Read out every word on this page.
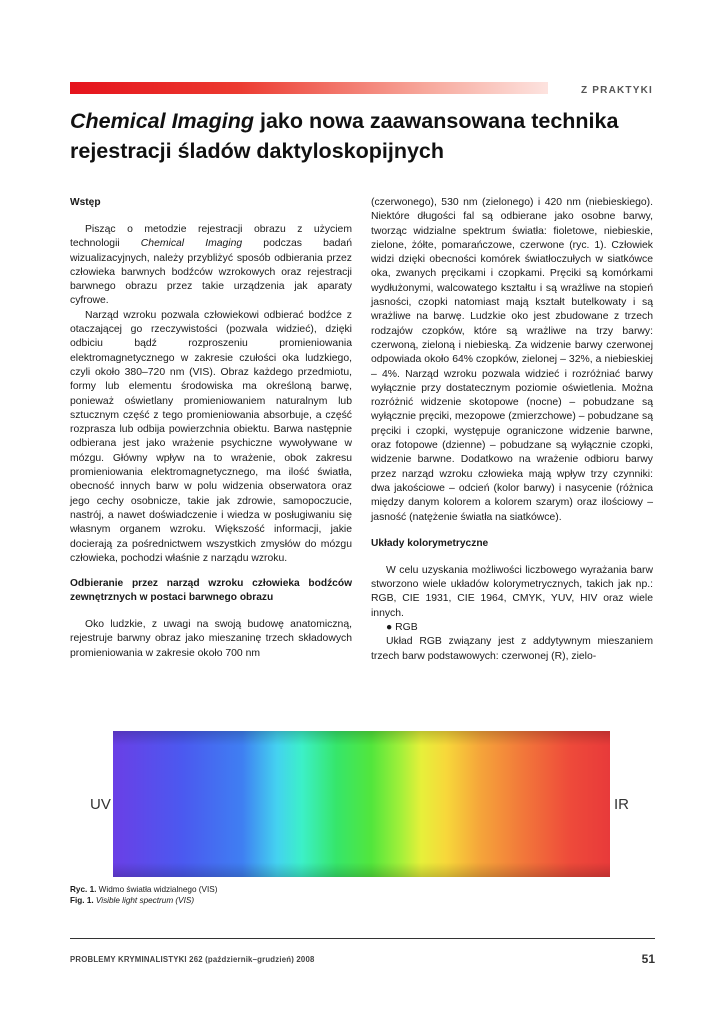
Z PRAKTYKI
Chemical Imaging jako nowa zaawansowana technika rejestracji śladów daktyloskopijnych
Wstęp

Pisząc o metodzie rejestracji obrazu z użyciem technologii Chemical Imaging podczas badań wizualizacyjnych, należy przybliżyć sposób odbierania przez człowieka barwnych bodźców wzrokowych oraz rejestracji barwnego obrazu przez takie urządzenia jak aparaty cyfrowe.

Narząd wzroku pozwala człowiekowi odbierać bodźce z otaczającej go rzeczywistości (pozwala widzieć), dzięki odbiciu bądź rozproszeniu promieniowania elektromagnetycznego w zakresie czułości oka ludzkiego, czyli około 380–720 nm (VIS). Obraz każdego przedmiotu, formy lub elementu środowiska ma określoną barwę, ponieważ oświetlany promieniowaniem naturalnym lub sztucznym część z tego promieniowania absorbuje, a część rozprasza lub odbija powierzchnia obiektu. Barwa następnie odbierana jest jako wrażenie psychiczne wywoływane w mózgu. Główny wpływ na to wrażenie, obok zakresu promieniowania elektromagnetycznego, ma ilość światła, obecność innych barw w polu widzenia obserwatora oraz jego cechy osobnicze, takie jak zdrowie, samopoczucie, nastrój, a nawet doświadczenie i wiedza w posługiwaniu się własnym organem wzroku. Większość informacji, jakie docierają za pośrednictwem wszystkich zmysłów do mózgu człowieka, pochodzi właśnie z narządu wzroku.

Odbieranie przez narząd wzroku człowieka bodźców zewnętrznych w postaci barwnego obrazu

Oko ludzkie, z uwagi na swoją budowę anatomiczną, rejestruje barwny obraz jako mieszaninę trzech składowych promieniowania w zakresie około 700 nm

(czerwonego), 530 nm (zielonego) i 420 nm (niebieskiego). Niektóre długości fal są odbierane jako osobne barwy, tworząc widzialne spektrum światła: fioletowe, niebieskie, zielone, żółte, pomarańczowe, czerwone (ryc. 1). Człowiek widzi dzięki obecności komórek światłoczułych w siatkówce oka, zwanych pręcikami i czopkami. Pręciki są komórkami wydłużonymi, walcowatego kształtu i są wrażliwe na stopień jasności, czopki natomiast mają kształt butelkowaty i są wrażliwe na barwę. Ludzkie oko jest zbudowane z trzech rodzajów czopków, które są wrażliwe na trzy barwy: czerwoną, zieloną i niebieską. Za widzenie barwy czerwonej odpowiada około 64% czopków, zielonej – 32%, a niebieskiej – 4%. Narząd wzroku pozwala widzieć i rozróżniać barwy wyłącznie przy dostatecznym poziomie oświetlenia. Można rozróżnić widzenie skotopowe (nocne) – pobudzane są wyłącznie pręciki, mezopowe (zmierzchowe) – pobudzane są pręciki i czopki, występuje ograniczone widzenie barwne, oraz fotopowe (dzienne) – pobudzane są wyłącznie czopki, widzenie barwne. Dodatkowo na wrażenie odbioru barwy przez narząd wzroku człowieka mają wpływ trzy czynniki: dwa jakościowe – odcień (kolor barwy) i nasycenie (różnica między danym kolorem a kolorem szarym) oraz ilościowy – jasność (natężenie światła na siatkówce).

Układy kolorymetryczne

W celu uzyskania możliwości liczbowego wyrażania barw stworzono wiele układów kolorymetrycznych, takich jak np.: RGB, CIE 1931, CIE 1964, CMYK, YUV, HIV oraz wiele innych.

● RGB

Układ RGB związany jest z addytywnym mieszaniem trzech barw podstawowych: czerwonej (R), zielo-

UV	IR
Ryc. 1. Widmo światła widzialnego (VIS)
Fig. 1. Visible light spectrum (VIS)
PROBLEMY KRYMINALISTYKI 262 (październik–grudzień) 2008	51
